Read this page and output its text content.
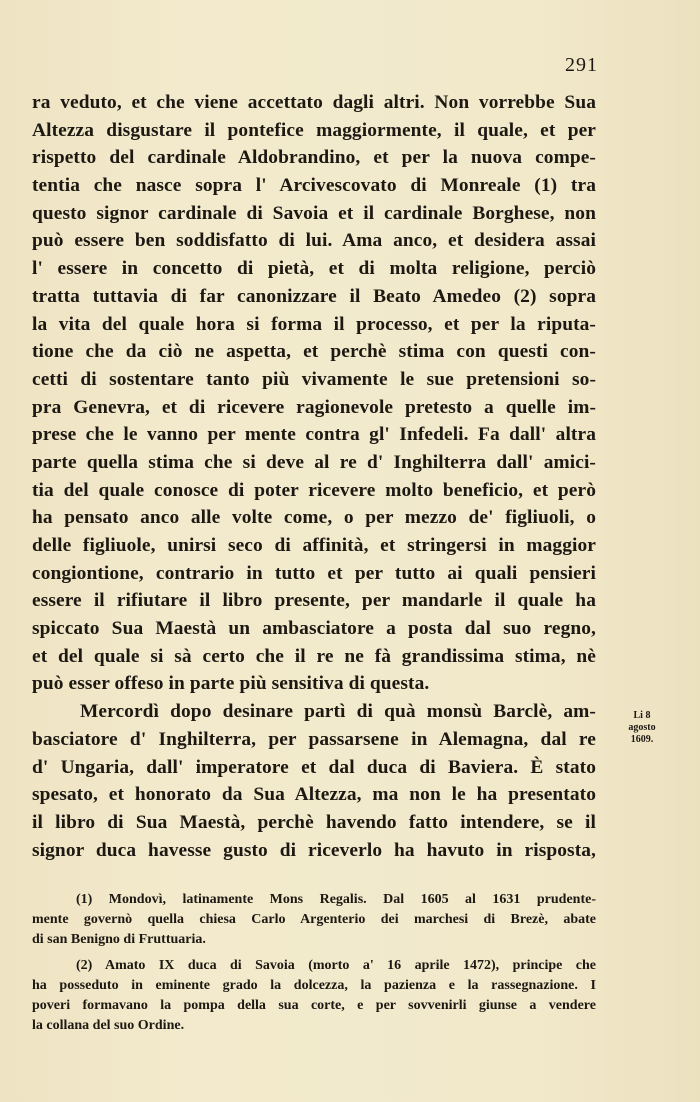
291
ra veduto, et che viene accettato dagli altri. Non vorrebbe Sua
Altezza disgustare il pontefice maggiormente, il quale, et per
rispetto del cardinale Aldobrandino, et per la nuova compe-
tentia che nasce sopra l' Arcivescovato di Monreale (1) tra
questo signor cardinale di Savoia et il cardinale Borghese, non
può essere ben soddisfatto di lui. Ama anco, et desidera assai
l' essere in concetto di pietà, et di molta religione, perciò
tratta tuttavia di far canonizzare il Beato Amedeo (2) sopra
la vita del quale hora si forma il processo, et per la riputa-
tione che da ciò ne aspetta, et perchè stima con questi con-
cetti di sostentare tanto più vivamente le sue pretensioni so-
pra Genevra, et di ricevere ragionevole pretesto a quelle im-
prese che le vanno per mente contra gl' Infedeli. Fa dall' altra
parte quella stima che si deve al re d' Inghilterra dall' amici-
tia del quale conosce di poter ricevere molto beneficio, et però
ha pensato anco alle volte come, o per mezzo de' figliuoli, o
delle figliuole, unirsi seco di affinità, et stringersi in maggior
congiontione, contrario in tutto et per tutto ai quali pensieri
essere il rifiutare il libro presente, per mandarle il quale ha
spiccato Sua Maestà un ambasciatore a posta dal suo regno,
et del quale si sà certo che il re ne fà grandissima stima, nè
può esser offeso in parte più sensitiva di questa.
Mercordì dopo desinare partì di quà monsù Barclè, am-
basciatore d' Inghilterra, per passarsene in Alemagna, dal re
d' Ungaria, dall' imperatore et dal duca di Baviera. È stato
spesato, et honorato da Sua Altezza, ma non le ha presentato
il libro di Sua Maestà, perchè havendo fatto intendere, se il
signor duca havesse gusto di riceverlo ha havuto in risposta,
Li 8
agosto
1609.
(1) Mondovì, latinamente Mons Regalis. Dal 1605 al 1631 prudente-
mente governò quella chiesa Carlo Argenterio dei marchesi di Brezè, abate
di san Benigno di Fruttuaria.
(2) Amato IX duca di Savoia (morto a' 16 aprile 1472), principe che
ha posseduto in eminente grado la dolcezza, la pazienza e la rassegnazione. I
poveri formavano la pompa della sua corte, e per sovvenirli giunse a vendere
la collana del suo Ordine.
